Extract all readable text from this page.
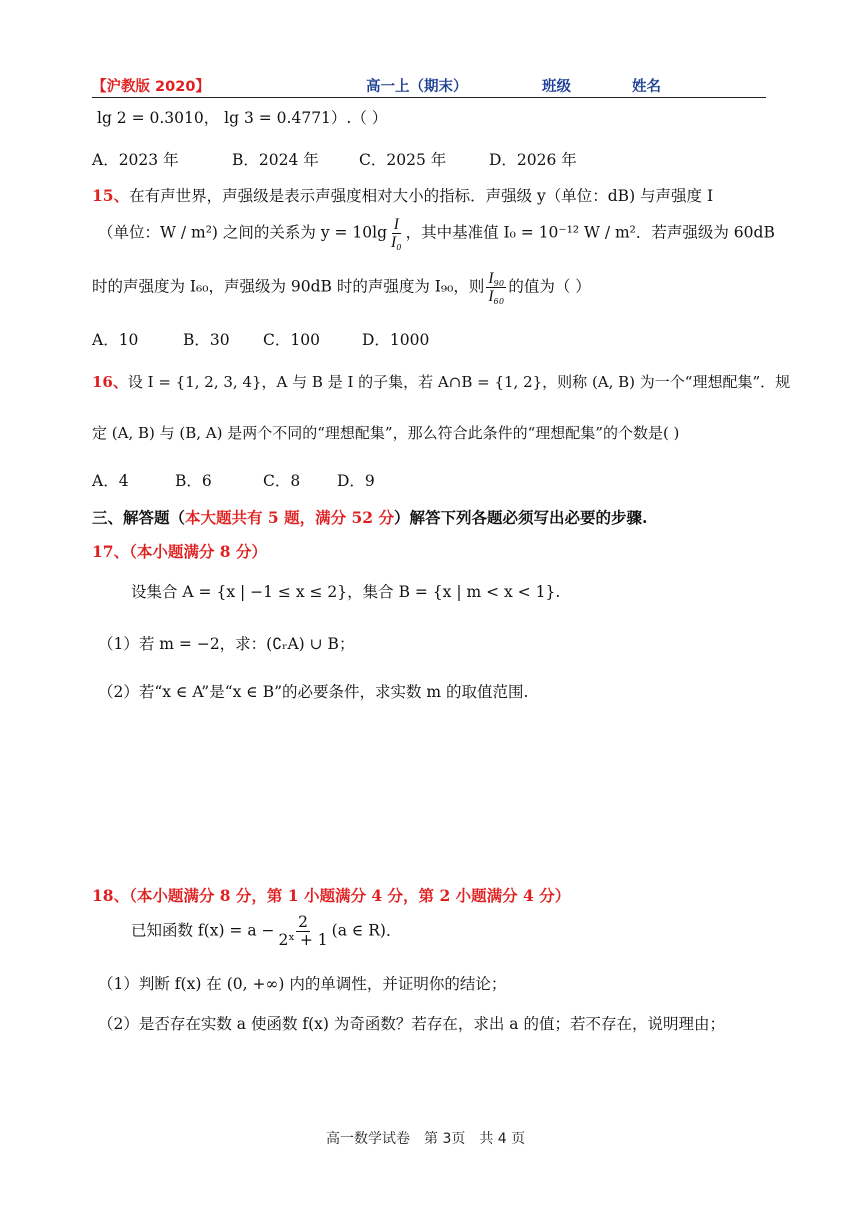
【沪教版 2020】	高一上（期末）	班级	姓名
lg 2 = 0.3010， lg 3 = 0.4771）.（ ）
A．2023 年	B．2024 年	C．2025 年	D．2026 年
15、在有声世界，声强级是表示声强度相对大小的指标．声强级 y（单位：dB) 与声强度 I
（单位：W / m²) 之间的关系为 $y = 10\lg \frac{I}{\text{I₀}}$ ，其中基准值 I₀ = 10⁻¹² W / m²．若声强级为 60dB
时的声强度为 I₆₀，声强级为 90dB 时的声强度为 I₉₀，则 $\frac{\text{I₉₀}}{\text{I₆₀}}$ 的值为（ ）
A．10	B．30 C．100	D．1000
16、设 I = {1, 2, 3, 4}，A 与 B 是 I 的子集，若 A∩B = {1, 2}，则称 (A, B) 为一个“理想配集”．规
定 (A, B) 与 (B, A) 是两个不同的“理想配集”，那么符合此条件的“理想配集”的个数是( )
A．4	B．6	C．8 D．9
三、解答题（本大题共有 5 题，满分 52 分）解答下列各题必须写出必要的步骤.
17、（本小题满分 8 分）
设集合 A = {x | −1 ≤ x ≤ 2}，集合 B = {x | m < x < 1}.
（1）若 m = −2，求：(∁ᵣA) ∪ B；
（2）若“x ∈ A”是“x ∈ B”的必要条件，求实数 m 的取值范围.
18、（本小题满分 8 分，第 1 小题满分 4 分，第 2 小题满分 4 分）
已知函数 $f(x) = a - \frac{2}{\text{2ˣ + 1}} (a$ ∈ R)．
（1）判断 f(x) 在 (0, +∞) 内的单调性，并证明你的结论；
（2）是否存在实数 a 使函数 f(x) 为奇函数？若存在，求出 a 的值；若不存在，说明理由；
高一数学试卷　第 3页　共 4 页
